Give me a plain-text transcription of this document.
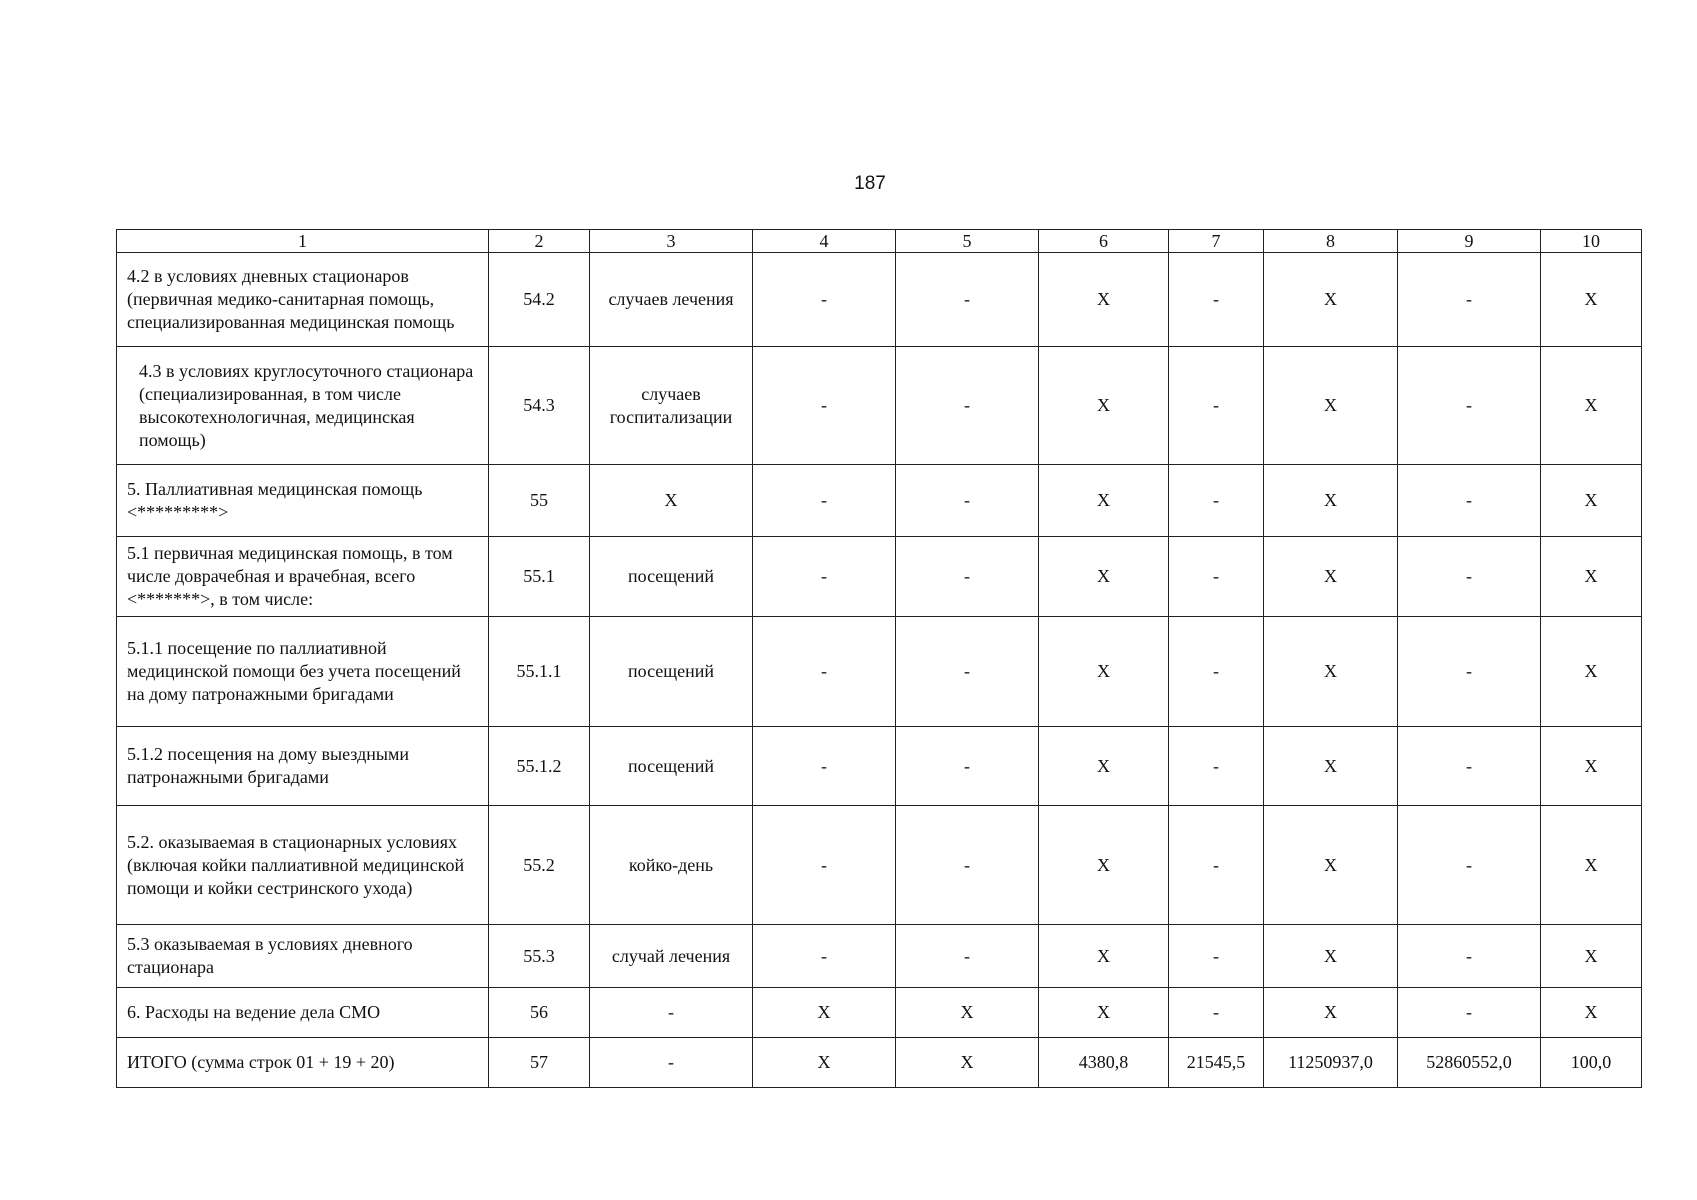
187
1	2	3	4	5	6	7	8	9	10
4.2 в условиях дневных стационаров (первичная медико-санитарная помощь, специализированная медицинская помощь	54.2	случаев лечения	-	-	X	-	X	-	X
4.3 в условиях круглосуточного стационара (специализированная, в том числе высокотехнологичная, медицинская помощь)	54.3	случаев госпитализации	-	-	X	-	X	-	X
5. Паллиативная медицинская помощь <*********>	55	X	-	-	X	-	X	-	X
5.1 первичная медицинская помощь, в том числе доврачебная и врачебная, всего <*******>, в том числе:	55.1	посещений	-	-	X	-	X	-	X
5.1.1 посещение по паллиативной медицинской помощи без учета посещений на дому патронажными бригадами	55.1.1	посещений	-	-	X	-	X	-	X
5.1.2 посещения на дому выездными патронажными бригадами	55.1.2	посещений	-	-	X	-	X	-	X
5.2. оказываемая в стационарных условиях (включая койки паллиативной медицинской помощи и койки сестринского ухода)	55.2	койко-день	-	-	X	-	X	-	X
5.3 оказываемая в условиях дневного стационара	55.3	случай лечения	-	-	X	-	X	-	X
6. Расходы на ведение дела СМО	56	-	X	X	X	-	X	-	X
ИТОГО (сумма строк 01 + 19 + 20)	57	-	X	X	4380,8	21545,5	11250937,0	52860552,0	100,0
